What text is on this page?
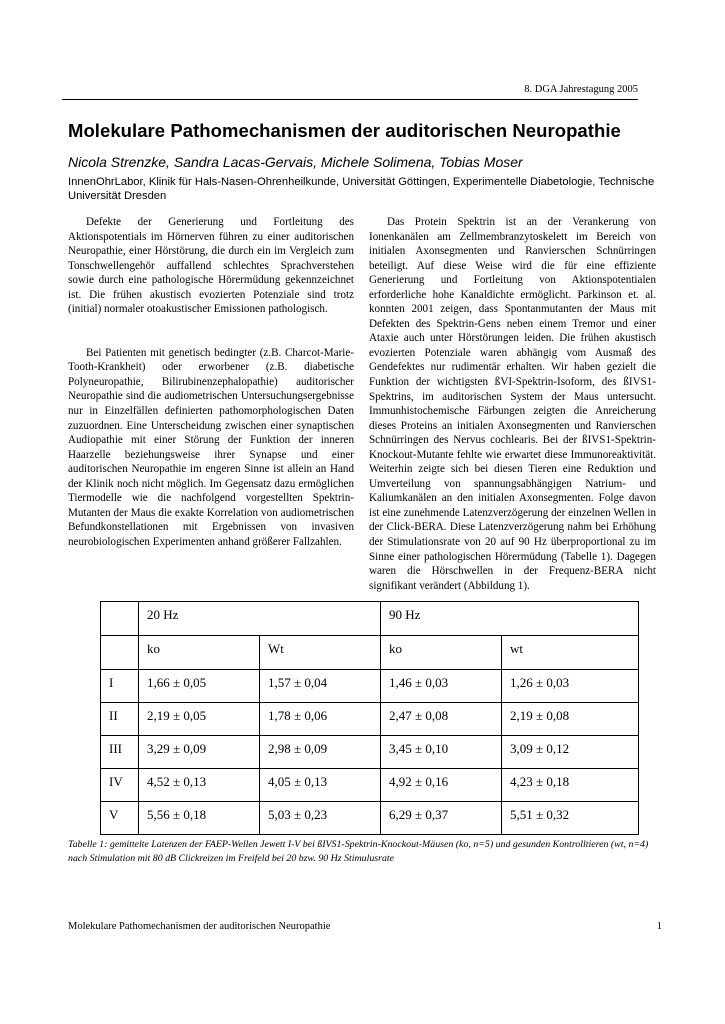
8. DGA Jahrestagung 2005
Molekulare Pathomechanismen der auditorischen Neuropathie
Nicola Strenzke, Sandra Lacas-Gervais, Michele Solimena, Tobias Moser
InnenOhrLabor, Klinik für Hals-Nasen-Ohrenheilkunde, Universität Göttingen, Experimentelle Diabetologie, Technische Universität Dresden

Defekte der Generierung und Fortleitung des Aktionspotentials im Hörnerven führen zu einer auditorischen Neuropathie, einer Hörstörung, die durch ein im Vergleich zum Tonschwellengehör auffallend schlechtes Sprachverstehen sowie durch eine pathologische Hörermüdung gekennzeichnet ist. Die frühen akustisch evozierten Potenziale sind trotz (initial) normaler otoakustischer Emissionen pathologisch.

Bei Patienten mit genetisch bedingter (z.B. Charcot-Marie-Tooth-Krankheit) oder erworbener (z.B. diabetische Polyneuropathie, Bilirubinenzephalopathie) auditorischer Neuropathie sind die audiometrischen Untersuchungsergebnisse nur in Einzelfällen definierten pathomorphologischen Daten zuzuordnen. Eine Unterscheidung zwischen einer synaptischen Audiopathie mit einer Störung der Funktion der inneren Haarzelle beziehungsweise ihrer Synapse und einer auditorischen Neuropathie im engeren Sinne ist allein an Hand der Klinik noch nicht möglich. Im Gegensatz dazu ermöglichen Tiermodelle wie die nachfolgend vorgestellten Spektrin-Mutanten der Maus die exakte Korrelation von audiometrischen Befundkonstellationen mit Ergebnissen von invasiven neurobiologischen Experimenten anhand größerer Fallzahlen.

Das Protein Spektrin ist an der Verankerung von Ionenkanälen am Zellmembranzytoskelett im Bereich von initialen Axonsegmenten und Ranvierschen Schnürringen beteiligt. Auf diese Weise wird die für eine effiziente Generierung und Fortleitung von Aktionspotentialen erforderliche hohe Kanaldichte ermöglicht. Parkinson et. al. konnten 2001 zeigen, dass Spontanmutanten der Maus mit Defekten des Spektrin-Gens neben einem Tremor und einer Ataxie auch unter Hörstörungen leiden. Die frühen akustisch evozierten Potenziale waren abhängig vom Ausmaß des Gendefektes nur rudimentär erhalten. Wir haben gezielt die Funktion der wichtigsten ßVI-Spektrin-Isoform, des ßIVS1-Spektrins, im auditorischen System der Maus untersucht. Immunhistochemische Färbungen zeigten die Anreicherung dieses Proteins an initialen Axonsegmenten und Ranvierschen Schnürringen des Nervus cochlearis. Bei der ßIVS1-Spektrin-Knockout-Mutante fehlte wie erwartet diese Immunoreaktivität. Weiterhin zeigte sich bei diesen Tieren eine Reduktion und Umverteilung von spannungsabhängigen Natrium- und Kaliumkanälen an den initialen Axonsegmenten. Folge davon ist eine zunehmende Latenzverzögerung der einzelnen Wellen in der Click-BERA. Diese Latenzverzögerung nahm bei Erhöhung der Stimulationsrate von 20 auf 90 Hz überproportional zu im Sinne einer pathologischen Hörermüdung (Tabelle 1). Dagegen waren die Hörschwellen in der Frequenz-BERA nicht signifikant verändert (Abbildung 1).

	20 Hz		90 Hz	
	ko	Wt	ko	wt
I	1,66 ± 0,05	1,57 ± 0,04	1,46 ± 0,03	1,26 ± 0,03
II	2,19 ± 0,05	1,78 ± 0,06	2,47 ± 0,08	2,19 ± 0,08
III	3,29 ± 0,09	2,98 ± 0,09	3,45 ± 0,10	3,09 ± 0,12
IV	4,52 ± 0,13	4,05 ± 0,13	4,92 ± 0,16	4,23 ± 0,18
V	5,56 ± 0,18	5,03 ± 0,23	6,29 ± 0,37	5,51 ± 0,32
Tabelle 1: gemittelte Latenzen der FAEP-Wellen Jewett I-V bei ßIVS1-Spektrin-Knockout-Mäusen (ko, n=5) und gesunden Kontrolltieren (wt, n=4) nach Stimulation mit 80 dB Clickreizen im Freifeld bei 20 bzw. 90 Hz Stimulusrate
Molekulare Pathomechanismen der auditorischen Neuropathie	1
